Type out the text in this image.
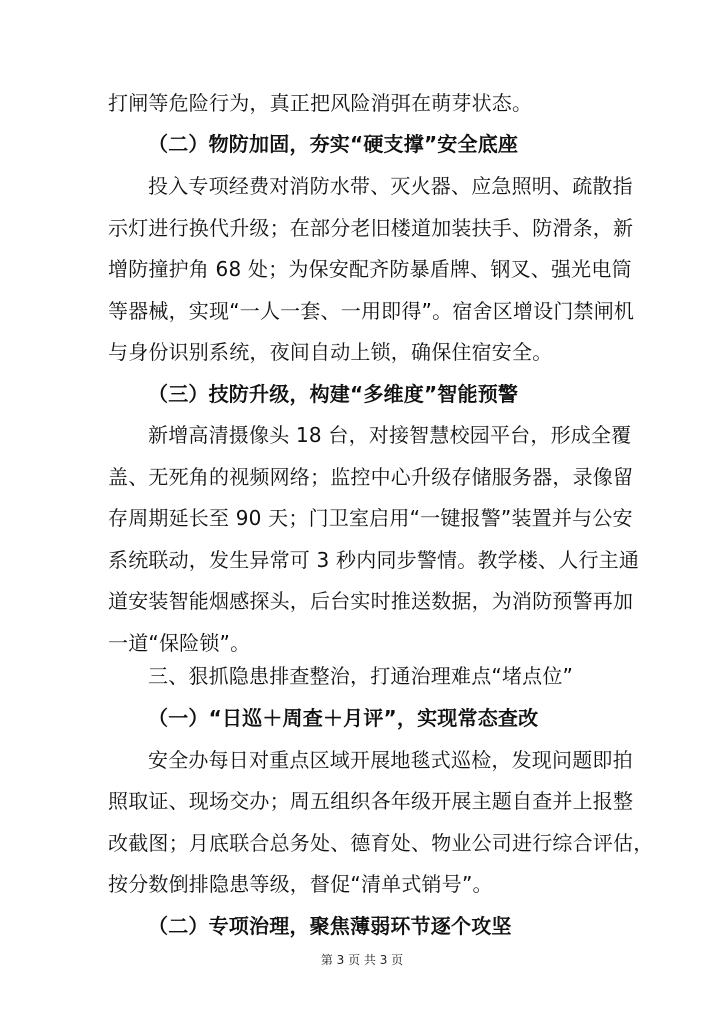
打闸等危险行为，真正把风险消弭在萌芽状态。
（二）物防加固，夯实“硬支撑”安全底座
投入专项经费对消防水带、灭火器、应急照明、疏散指
示灯进行换代升级；在部分老旧楼道加装扶手、防滑条，新
增防撞护角 68 处；为保安配齐防暴盾牌、钢叉、强光电筒
等器械，实现“一人一套、一用即得”。宿舍区增设门禁闸机
与身份识别系统，夜间自动上锁，确保住宿安全。
（三）技防升级，构建“多维度”智能预警
新增高清摄像头 18 台，对接智慧校园平台，形成全覆
盖、无死角的视频网络；监控中心升级存储服务器，录像留
存周期延长至 90 天；门卫室启用“一键报警”装置并与公安
系统联动，发生异常可 3 秒内同步警情。教学楼、人行主通
道安装智能烟感探头，后台实时推送数据，为消防预警再加
一道“保险锁”。
三、狠抓隐患排查整治，打通治理难点“堵点位”
（一）“日巡＋周查＋月评”，实现常态查改
安全办每日对重点区域开展地毯式巡检，发现问题即拍
照取证、现场交办；周五组织各年级开展主题自查并上报整
改截图；月底联合总务处、德育处、物业公司进行综合评估，
按分数倒排隐患等级，督促“清单式销号”。
（二）专项治理，聚焦薄弱环节逐个攻坚
第 3 页 共 3 页
